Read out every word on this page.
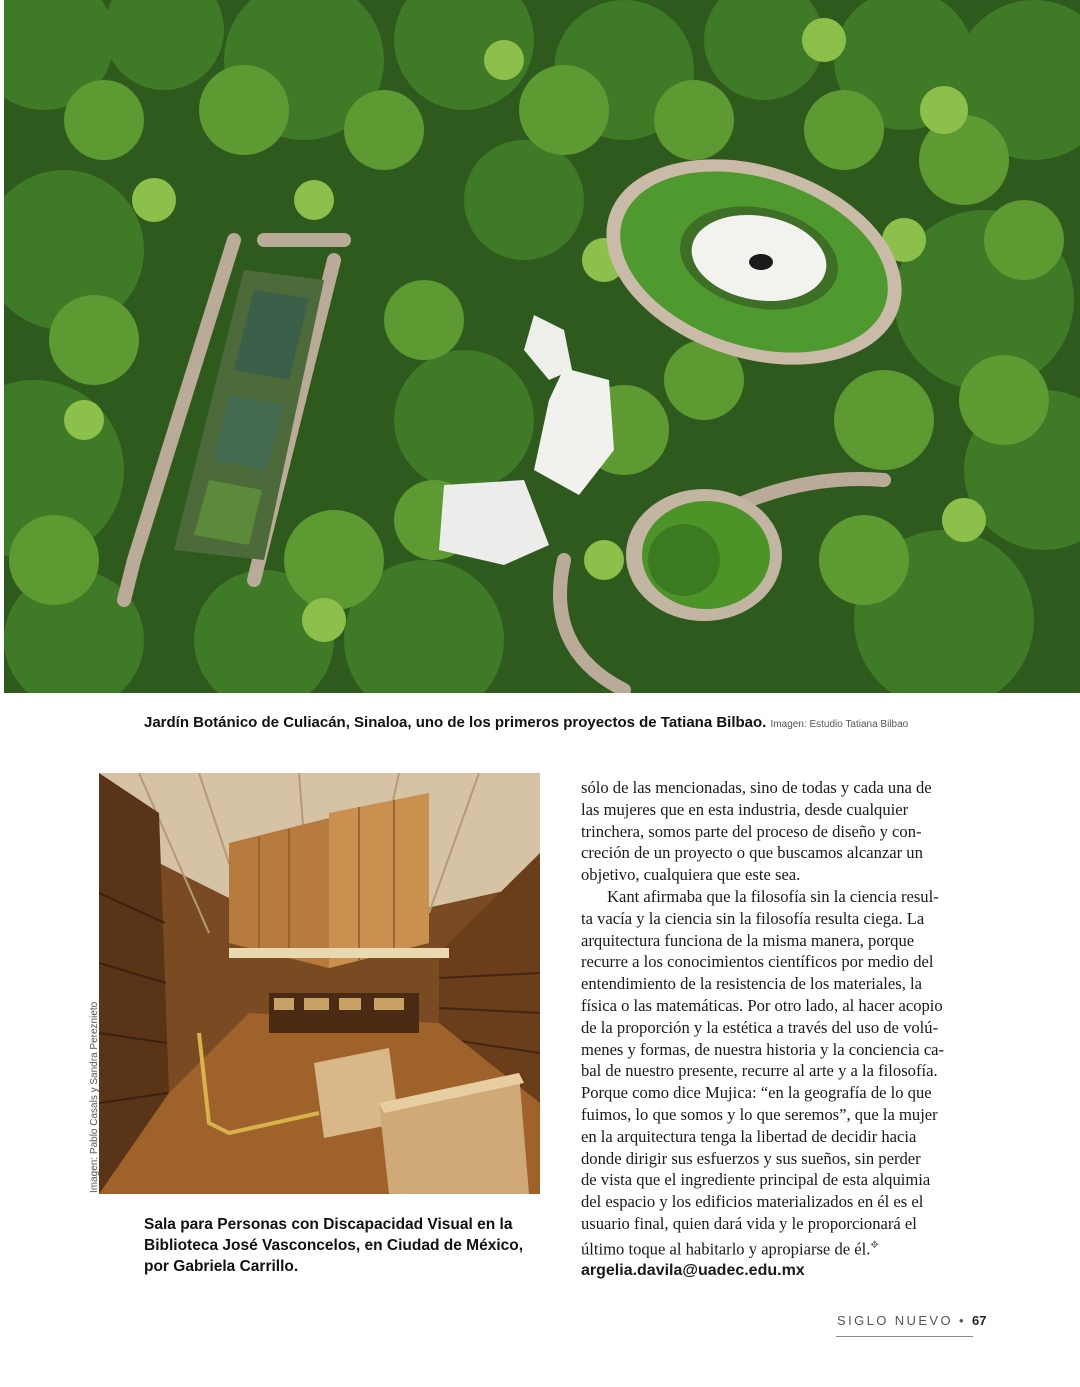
Jardín Botánico de Culiacán, Sinaloa, uno de los primeros proyectos de Tatiana Bilbao. Imagen: Estudio Tatiana Bilbao
Imagen: Pablo Casals y Sandra Pereznieto
Sala para Personas con Discapacidad Visual en la
Biblioteca José Vasconcelos, en Ciudad de México,
por Gabriela Carrillo.
sólo de las mencionadas, sino de todas y cada una de
las mujeres que en esta industria, desde cualquier
trinchera, somos parte del proceso de diseño y con-
creción de un proyecto o que buscamos alcanzar un
objetivo, cualquiera que este sea.
Kant afirmaba que la filosofía sin la ciencia resul-
ta vacía y la ciencia sin la filosofía resulta ciega. La
arquitectura funciona de la misma manera, porque
recurre a los conocimientos científicos por medio del
entendimiento de la resistencia de los materiales, la
física o las matemáticas. Por otro lado, al hacer acopio
de la proporción y la estética a través del uso de volú-
menes y formas, de nuestra historia y la conciencia ca-
bal de nuestro presente, recurre al arte y a la filosofía.
Porque como dice Mujica: “en la geografía de lo que
fuimos, lo que somos y lo que seremos”, que la mujer
en la arquitectura tenga la libertad de decidir hacia
donde dirigir sus esfuerzos y sus sueños, sin perder
de vista que el ingrediente principal de esta alquimia
del espacio y los edificios materializados en él es el
usuario final, quien dará vida y le proporcionará el
último toque al habitarlo y apropiarse de él.✥
argelia.davila@uadec.edu.mx
SIGLO NUEVO • 67
